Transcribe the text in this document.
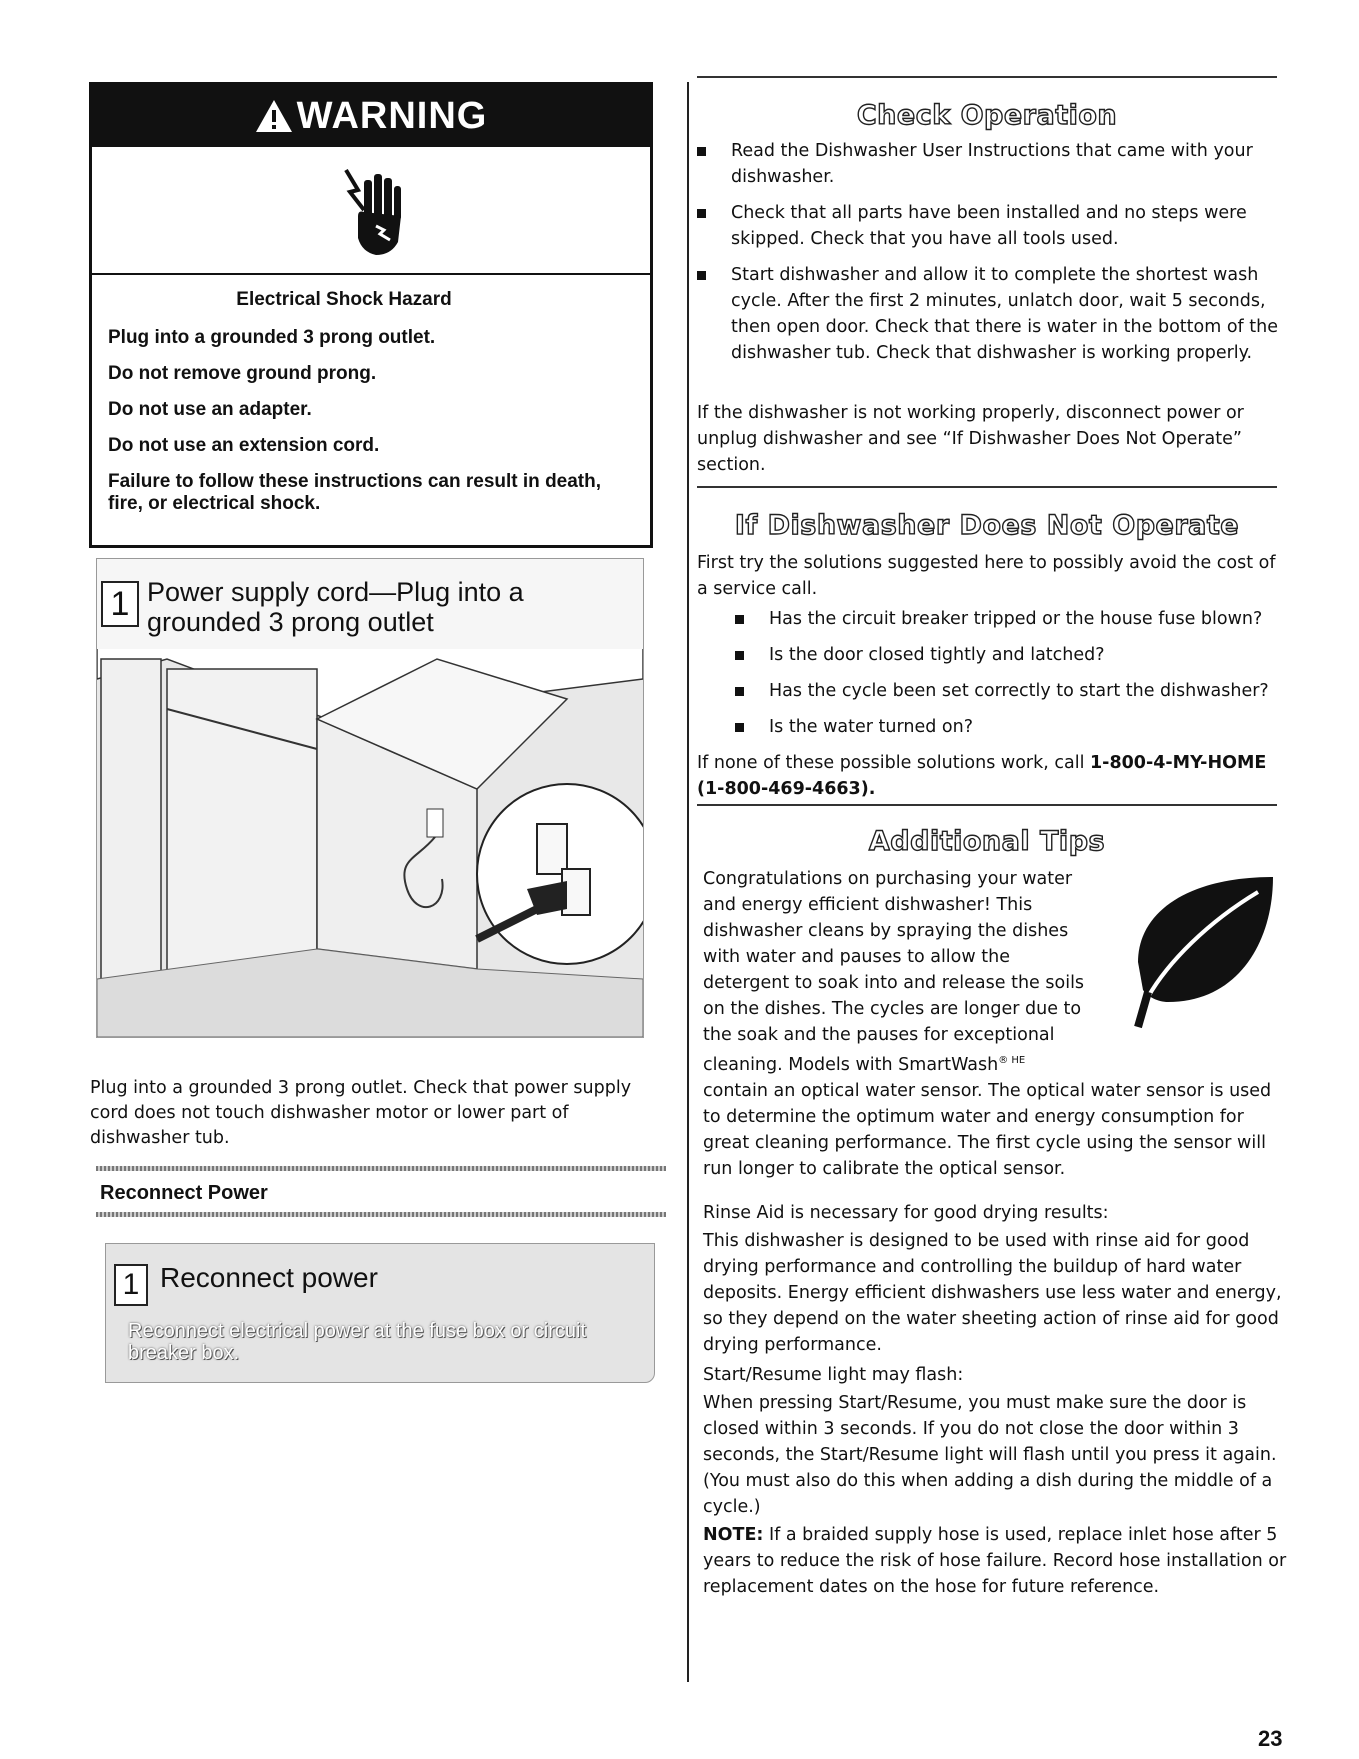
WARNING

Electrical Shock Hazard

Plug into a grounded 3 prong outlet.

Do not remove ground prong.

Do not use an adapter.

Do not use an extension cord.

Failure to follow these instructions can result in death, fire, or electrical shock.

1 Power supply cord—Plug into a grounded 3 prong outlet
Plug into a grounded 3 prong outlet. Check that power supply cord does not touch dishwasher motor or lower part of dishwasher tub.
Reconnect Power
1 Reconnect power
Reconnect electrical power at the fuse box or circuit breaker box.
Check Operation
Read the Dishwasher User Instructions that came with your dishwasher.
Check that all parts have been installed and no steps were skipped. Check that you have all tools used.
Start dishwasher and allow it to complete the shortest wash cycle. After the first 2 minutes, unlatch door, wait 5 seconds, then open door. Check that there is water in the bottom of the dishwasher tub. Check that dishwasher is working properly.
If the dishwasher is not working properly, disconnect power or unplug dishwasher and see “If Dishwasher Does Not Operate” section.
If Dishwasher Does Not Operate
First try the solutions suggested here to possibly avoid the cost of a service call.
Has the circuit breaker tripped or the house fuse blown?
Is the door closed tightly and latched?
Has the cycle been set correctly to start the dishwasher?
Is the water turned on?
If none of these possible solutions work, call 1-800-4-MY-HOME
(1-800-469-4663).
Additional Tips
Congratulations on purchasing your water
and energy efficient dishwasher! This
dishwasher cleans by spraying the dishes
with water and pauses to allow the
detergent to soak into and release the soils
on the dishes. The cycles are longer due to
the soak and the pauses for exceptional
cleaning. Models with SmartWash$^{® HE}$
contain an optical water sensor. The optical water sensor is used to determine the optimum water and energy consumption for great cleaning performance. The first cycle using the sensor will run longer to calibrate the optical sensor.
Rinse Aid is necessary for good drying results:
This dishwasher is designed to be used with rinse aid for good drying performance and controlling the buildup of hard water deposits. Energy efficient dishwashers use less water and energy, so they depend on the water sheeting action of rinse aid for good drying performance.
Start/Resume light may flash:
When pressing Start/Resume, you must make sure the door is closed within 3 seconds. If you do not close the door within 3 seconds, the Start/Resume light will flash until you press it again. (You must also do this when adding a dish during the middle of a cycle.)
NOTE: If a braided supply hose is used, replace inlet hose after 5 years to reduce the risk of hose failure. Record hose installation or replacement dates on the hose for future reference.
23
